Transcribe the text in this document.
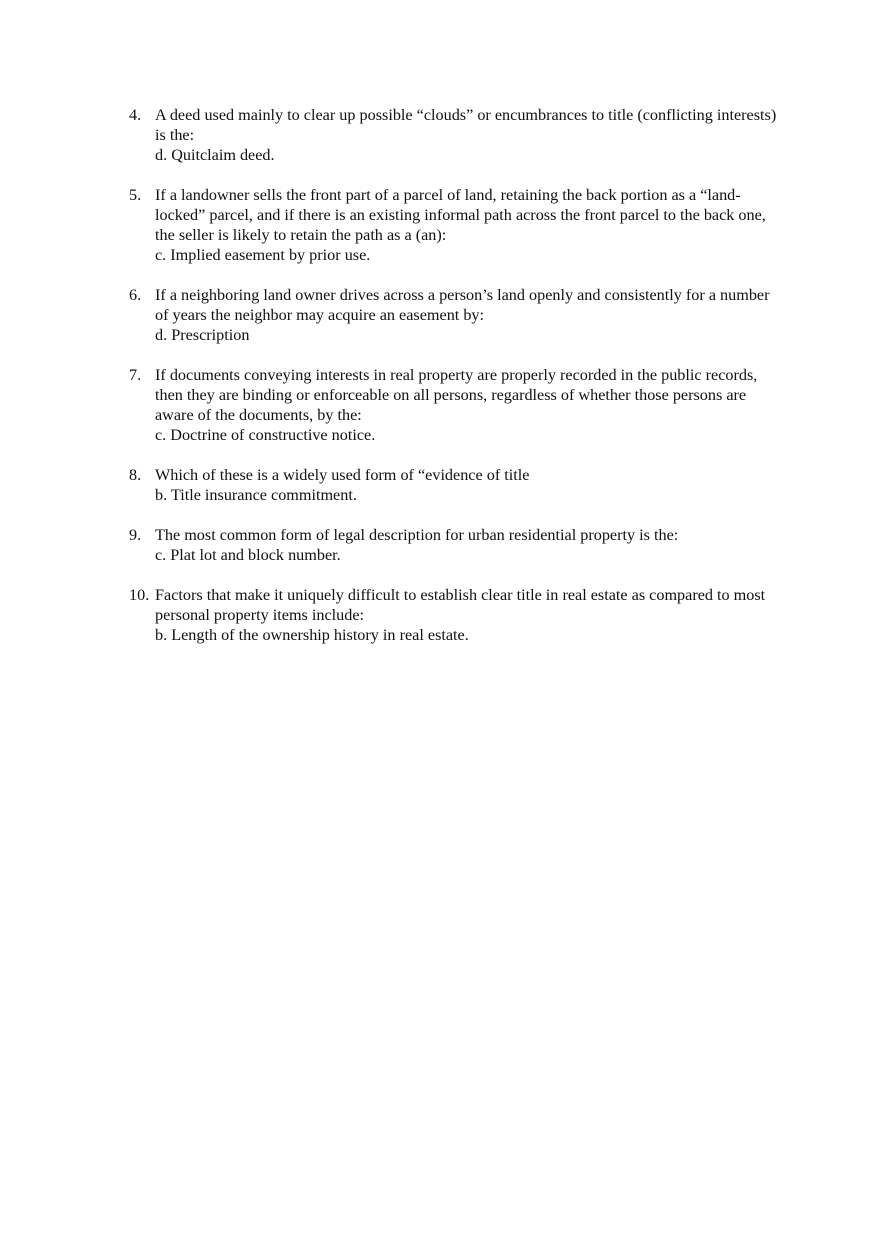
4. A deed used mainly to clear up possible “clouds” or encumbrances to title (conflicting interests) is the:
d. Quitclaim deed.
5. If a landowner sells the front part of a parcel of land, retaining the back portion as a “land-locked” parcel, and if there is an existing informal path across the front parcel to the back one, the seller is likely to retain the path as a (an):
c. Implied easement by prior use.
6. If a neighboring land owner drives across a person’s land openly and consistently for a number of years the neighbor may acquire an easement by:
d. Prescription
7. If documents conveying interests in real property are properly recorded in the public records, then they are binding or enforceable on all persons, regardless of whether those persons are aware of the documents, by the:
c. Doctrine of constructive notice.
8. Which of these is a widely used form of “evidence of title
b. Title insurance commitment.
9. The most common form of legal description for urban residential property is the:
c. Plat lot and block number.
10. Factors that make it uniquely difficult to establish clear title in real estate as compared to most personal property items include:
b. Length of the ownership history in real estate.
